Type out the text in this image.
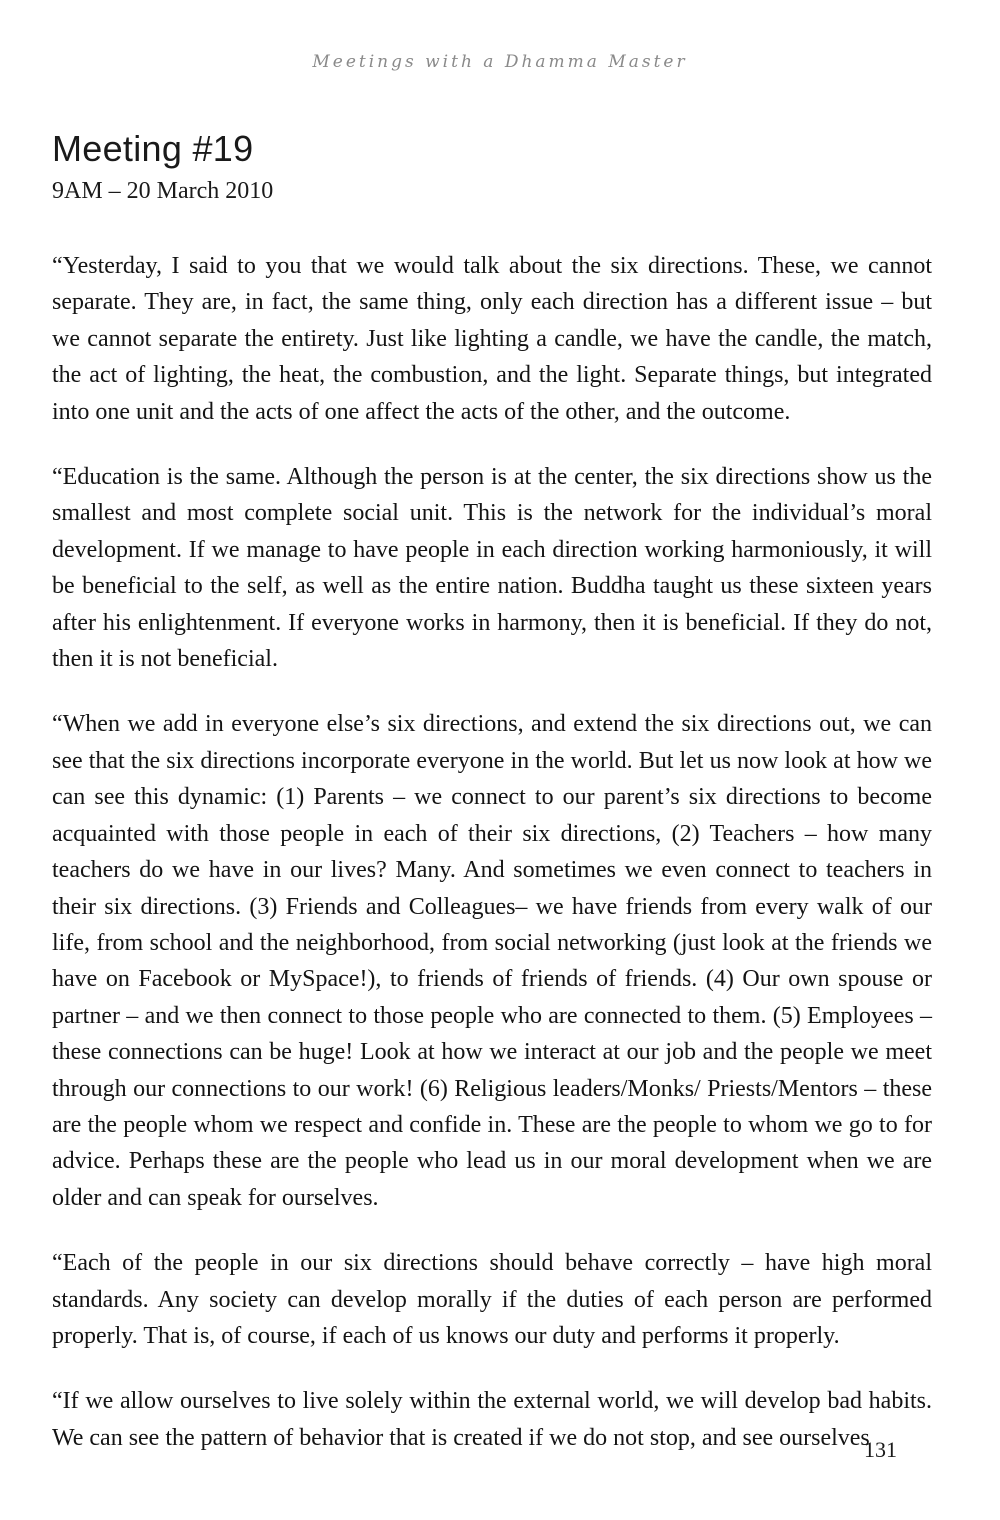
Meetings with a Dhamma Master
Meeting #19
9AM – 20 March 2010

“Yesterday, I said to you that we would talk about the six directions. These, we cannot separate. They are, in fact, the same thing, only each direction has a different issue – but we cannot separate the entirety. Just like lighting a candle, we have the candle, the match, the act of lighting, the heat, the combustion, and the light. Separate things, but integrated into one unit and the acts of one affect the acts of the other, and the outcome.

“Education is the same. Although the person is at the center, the six directions show us the smallest and most complete social unit. This is the network for the individual’s moral development. If we manage to have people in each direction working harmoniously, it will be beneficial to the self, as well as the entire nation. Buddha taught us these sixteen years after his enlightenment. If everyone works in harmony, then it is beneficial. If they do not, then it is not beneficial.

“When we add in everyone else’s six directions, and extend the six directions out, we can see that the six directions incorporate everyone in the world. But let us now look at how we can see this dynamic: (1) Parents – we connect to our parent’s six directions to become acquainted with those people in each of their six directions, (2) Teachers – how many teachers do we have in our lives? Many. And sometimes we even connect to teachers in their six directions. (3) Friends and Colleagues– we have friends from every walk of our life, from school and the neighborhood, from social networking (just look at the friends we have on Facebook or MySpace!), to friends of friends of friends. (4) Our own spouse or partner – and we then connect to those people who are connected to them. (5) Employees – these connections can be huge! Look at how we interact at our job and the people we meet through our connections to our work! (6) Religious leaders/Monks/ Priests/Mentors – these are the people whom we respect and confide in. These are the people to whom we go to for advice. Perhaps these are the people who lead us in our moral development when we are older and can speak for ourselves.

“Each of the people in our six directions should behave correctly – have high moral standards. Any society can develop morally if the duties of each person are performed properly. That is, of course, if each of us knows our duty and performs it properly.

“If we allow ourselves to live solely within the external world, we will develop bad habits. We can see the pattern of behavior that is created if we do not stop, and see ourselves

131
